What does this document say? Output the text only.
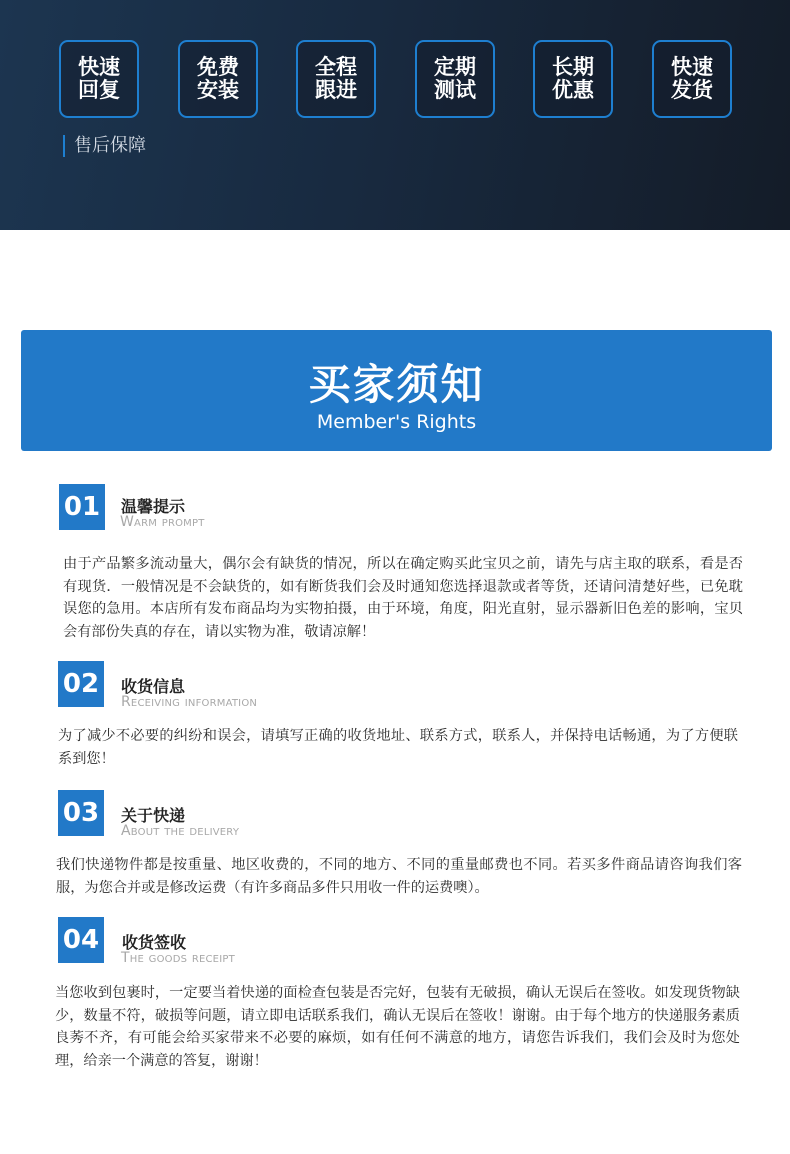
快速
回复
免费
安装
全程
跟进
定期
测试
长期
优惠
快速
发货
售后保障
买家须知
Member's Rights
01	温馨提示
Warm prompt
由于产品繁多流动量大，偶尔会有缺货的情况，所以在确定购买此宝贝之前，请先与店主取的联系，看是否有现货．一般情况是不会缺货的，如有断货我们会及时通知您选择退款或者等货，还请问清楚好些，已免耽误您的急用。本店所有发布商品均为实物拍摄，由于环境，角度，阳光直射，显示器新旧色差的影响，宝贝会有部份失真的存在，请以实物为准，敬请凉解！
02	收货信息
Receiving information
为了减少不必要的纠纷和误会，请填写正确的收货地址、联系方式，联系人，并保持电话畅通，为了方便联系到您！
03	关于快递
About the delivery
我们快递物件都是按重量、地区收费的，不同的地方、不同的重量邮费也不同。若买多件商品请咨询我们客服，为您合并或是修改运费（有许多商品多件只用收一件的运费噢）。
04	收货签收
The goods receipt
当您收到包裹时，一定要当着快递的面检查包装是否完好，包装有无破损，确认无误后在签收。如发现货物缺少，数量不符，破损等问题，请立即电话联系我们，确认无误后在签收！谢谢。由于每个地方的快递服务素质良莠不齐，有可能会给买家带来不必要的麻烦，如有任何不满意的地方，请您告诉我们，我们会及时为您处理，给亲一个满意的答复，谢谢！
